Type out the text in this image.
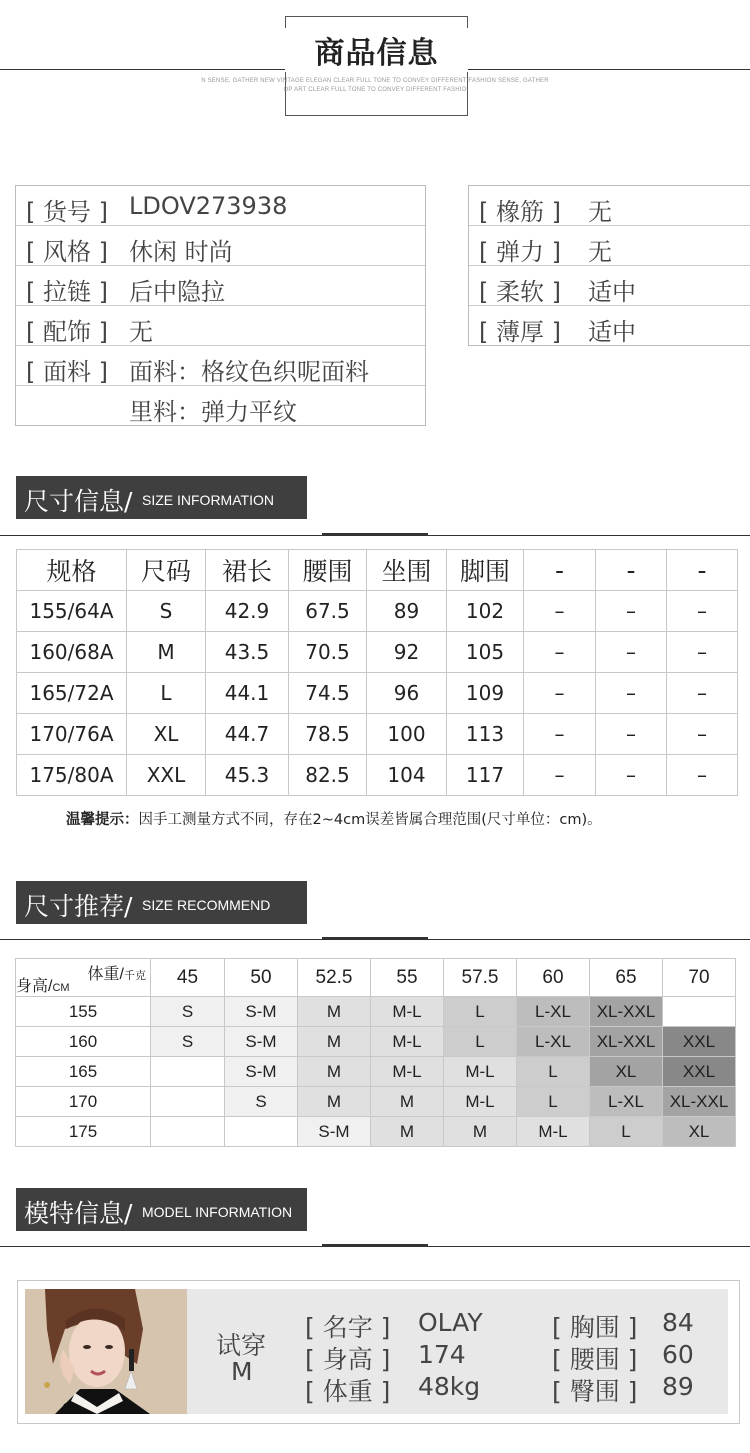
商品信息
N SENSE, GATHER NEW VINTAGE ELEGAN CLEAR FULL TONE TO CONVEY DIFFERENT FASHION SENSE, GATHER
OP ART CLEAR FULL TONE TO CONVEY DIFFERENT FASHIO
[ 货号 ] LDOV273938
[ 风格 ] 休闲 时尚
[ 拉链 ] 后中隐拉
[ 配饰 ] 无
[ 面料 ] 面料：格纹色织呢面料
里料：弹力平纹
[ 橡筋 ] 无
[ 弹力 ] 无
[ 柔软 ] 适中
[ 薄厚 ] 适中
尺寸信息/ SIZE INFORMATION
规格	尺码	裙长	腰围	坐围	脚围	-	-	-
155/64A	S	42.9	67.5	89	102	–	–	–
160/68A	M	43.5	70.5	92	105	–	–	–
165/72A	L	44.1	74.5	96	109	–	–	–
170/76A	XL	44.7	78.5	100	113	–	–	–
175/80A	XXL	45.3	82.5	104	117	–	–	–
温馨提示：因手工测量方式不同，存在2~4cm误差皆属合理范围(尺寸单位：cm)。
尺寸推荐/ SIZE RECOMMEND
体重/千克
身高/CM	45	50	52.5	55	57.5	60	65	70
155	S	S-M	M	M-L	L	L-XL	XL-XXL	
160	S	S-M	M	M-L	L	L-XL	XL-XXL	XXL
165		S-M	M	M-L	M-L	L	XL	XXL
170		S	M	M	M-L	L	L-XL	XL-XXL
175			S-M	M	M	M-L	L	XL
模特信息/ MODEL INFORMATION
试穿
M
[ 名字 ] OLAY
[ 身高 ] 174
[ 体重 ] 48kg
[ 胸围 ] 84
[ 腰围 ] 60
[ 臀围 ] 89
